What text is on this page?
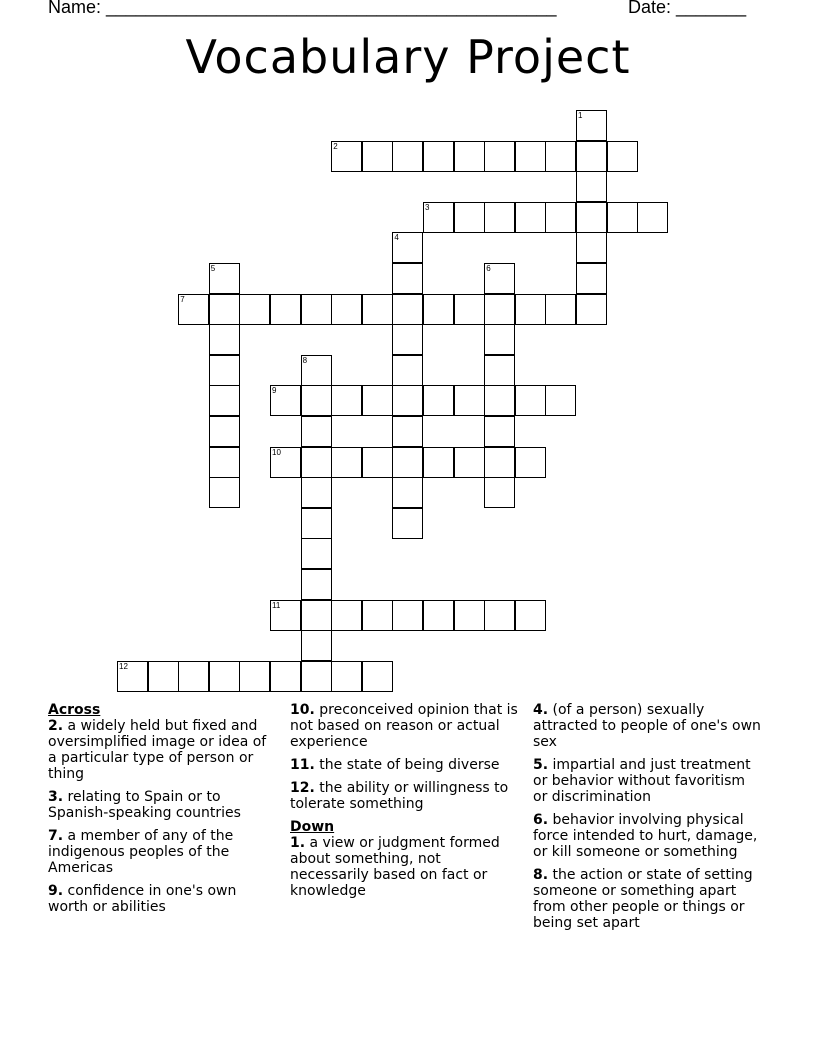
Name: _____________________________________________	Date: _______
Vocabulary Project
1
2
3
4
5	6
7
8
9
10
11
12
Across
2. a widely held but fixed and oversimplified image or idea of a particular type of person or thing
3. relating to Spain or to Spanish-speaking countries
7. a member of any of the indigenous peoples of the Americas
9. confidence in one's own worth or abilities
10. preconceived opinion that is not based on reason or actual experience
11. the state of being diverse
12. the ability or willingness to tolerate something
Down
1. a view or judgment formed about something, not necessarily based on fact or knowledge
4. (of a person) sexually attracted to people of one's own sex
5. impartial and just treatment or behavior without favoritism or discrimination
6. behavior involving physical force intended to hurt, damage, or kill someone or something
8. the action or state of setting someone or something apart from other people or things or being set apart
